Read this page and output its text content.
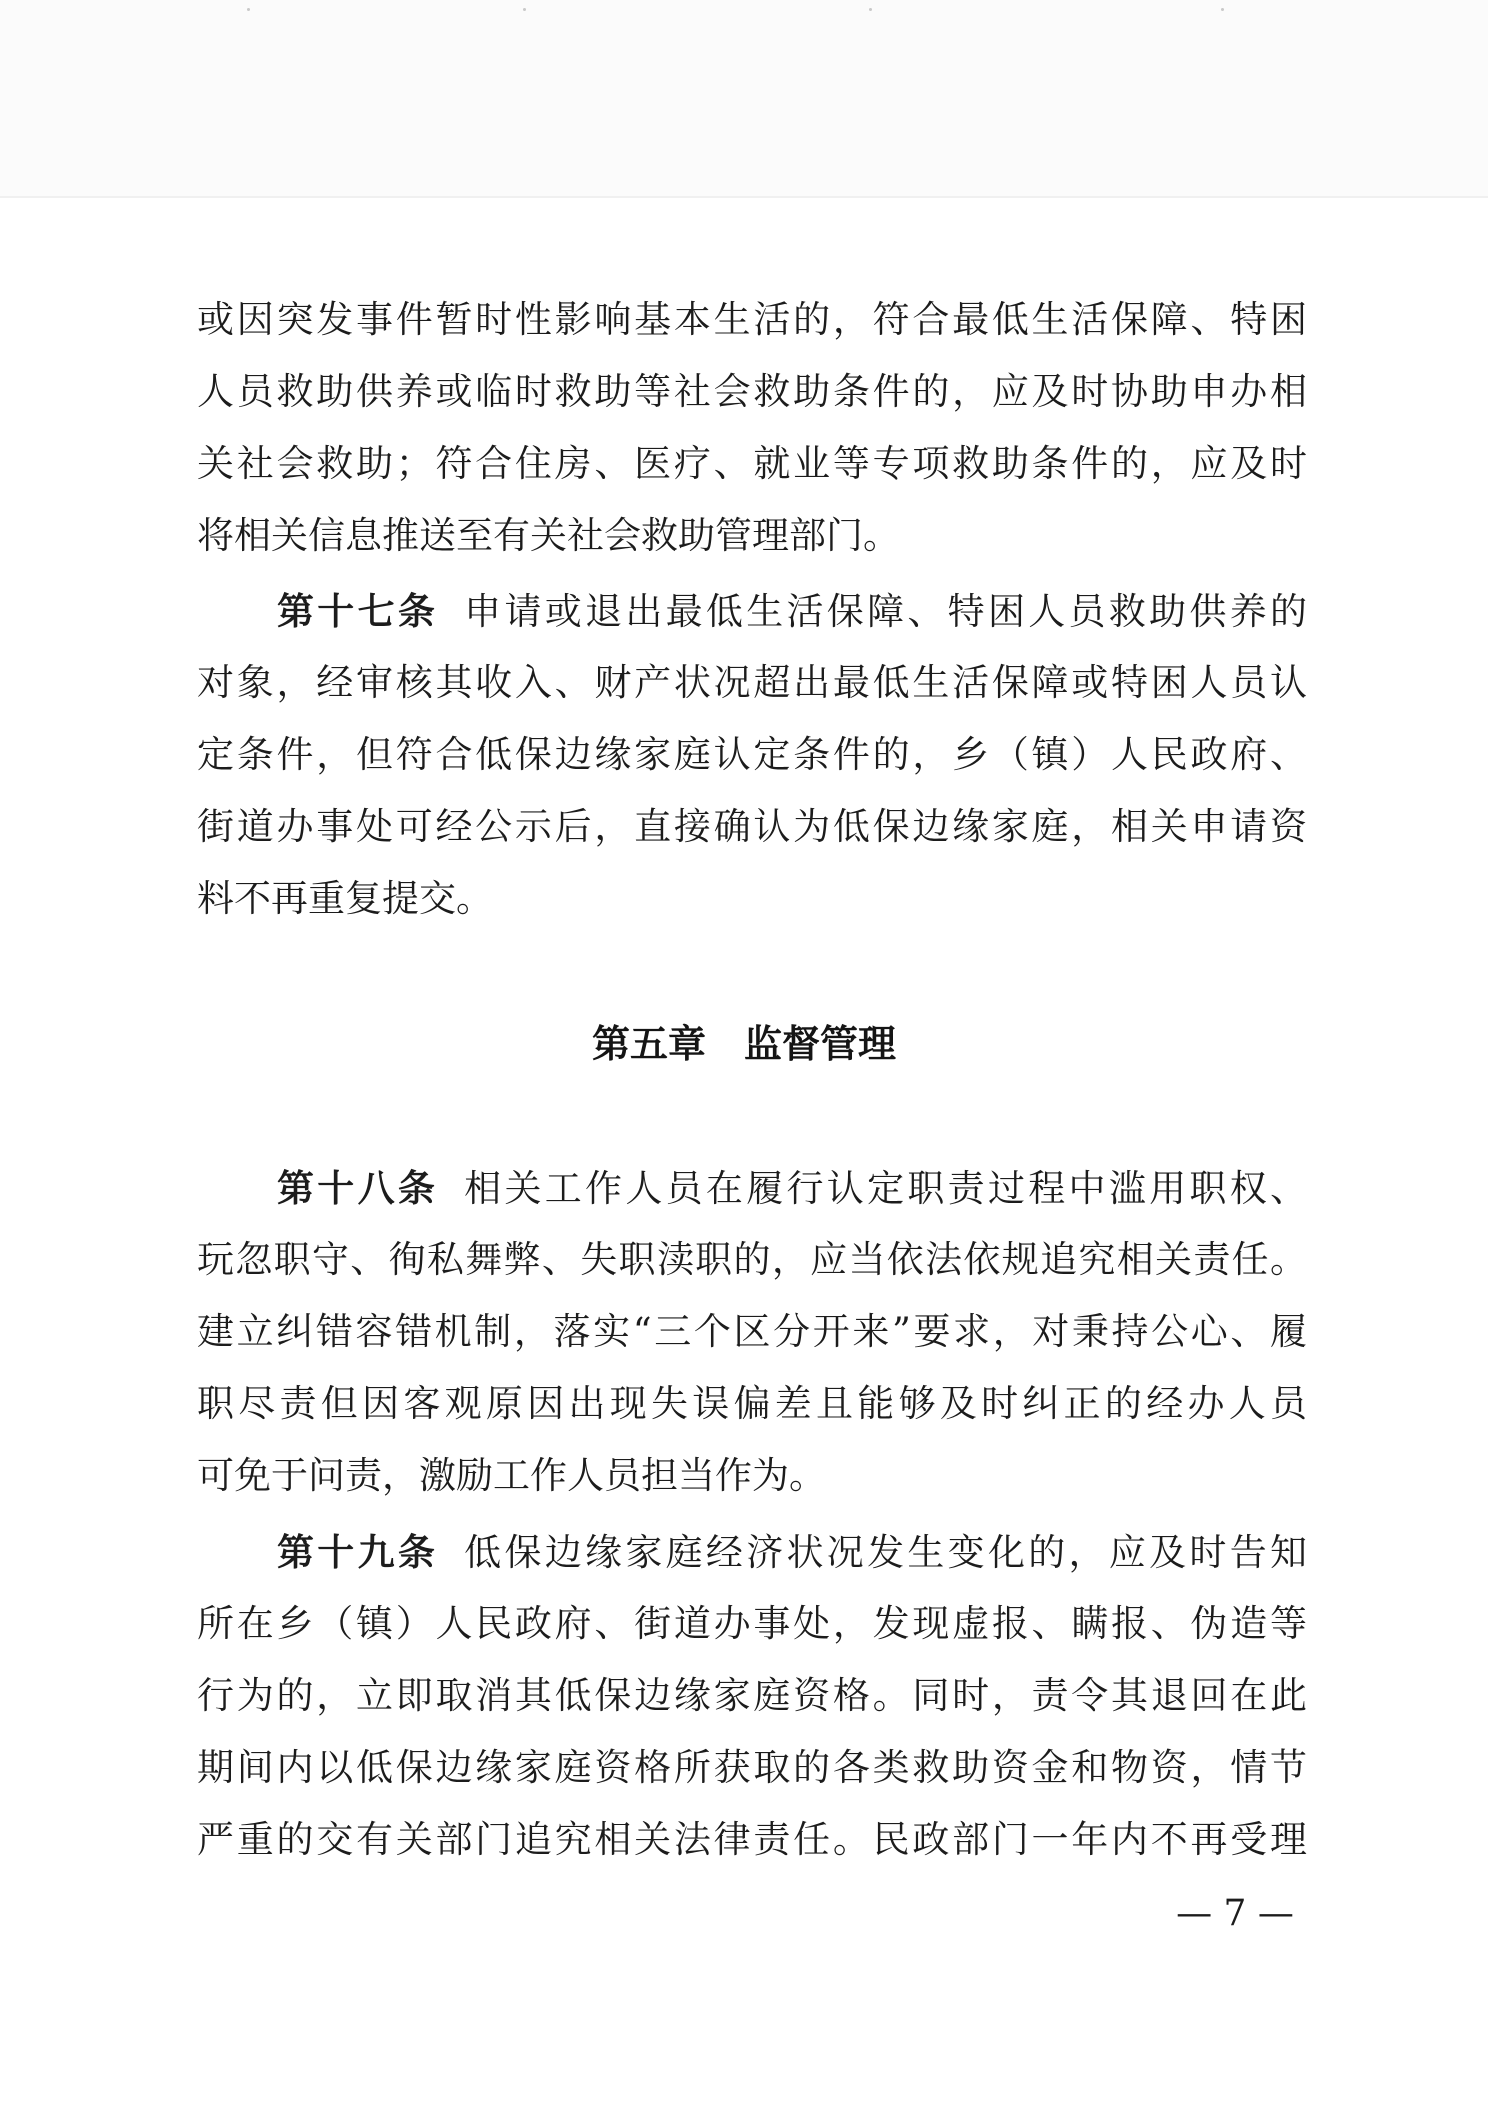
或因突发事件暂时性影响基本生活的，符合最低生活保障、特困
人员救助供养或临时救助等社会救助条件的，应及时协助申办相
关社会救助；符合住房、医疗、就业等专项救助条件的，应及时
将相关信息推送至有关社会救助管理部门。
第十七条 申请或退出最低生活保障、特困人员救助供养的
对象，经审核其收入、财产状况超出最低生活保障或特困人员认
定条件，但符合低保边缘家庭认定条件的，乡（镇）人民政府、
街道办事处可经公示后，直接确认为低保边缘家庭，相关申请资
料不再重复提交。
第五章　监督管理
第十八条 相关工作人员在履行认定职责过程中滥用职权、
玩忽职守、徇私舞弊、失职渎职的，应当依法依规追究相关责任。
建立纠错容错机制，落实“三个区分开来”要求，对秉持公心、履
职尽责但因客观原因出现失误偏差且能够及时纠正的经办人员
可免于问责，激励工作人员担当作为。
第十九条 低保边缘家庭经济状况发生变化的，应及时告知
所在乡（镇）人民政府、街道办事处，发现虚报、瞒报、伪造等
行为的，立即取消其低保边缘家庭资格。同时，责令其退回在此
期间内以低保边缘家庭资格所获取的各类救助资金和物资，情节
严重的交有关部门追究相关法律责任。民政部门一年内不再受理
— 7 —
